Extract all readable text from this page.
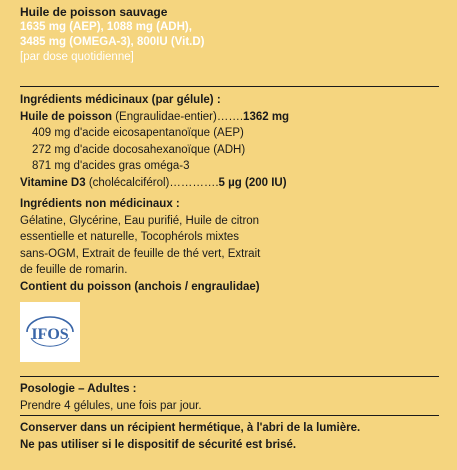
Huile de poisson sauvage
1635 mg (AEP), 1088 mg (ADH),
3485 mg (OMEGA-3), 800IU (Vit.D)
[par dose quotidienne]
Ingrédients médicinaux (par gélule) :
Huile de poisson (Engraulidae-entier)…….1362 mg
409 mg d'acide eicosapentanoïque (AEP)
272 mg d'acide docosahexanoïque (ADH)
871 mg d'acides gras oméga-3
Vitamine D3 (cholécalciférol)………….5 µg (200 IU)
Ingrédients non médicinaux :
Gélatine, Glycérine, Eau purifié, Huile de citron
essentielle et naturelle, Tocophérols mixtes
sans-OGM, Extrait de feuille de thé vert, Extrait
de feuille de romarin.
Contient du poisson (anchois / engraulidae)
IFOS
Posologie – Adultes :
Prendre 4 gélules, une fois par jour.
Conserver dans un récipient hermétique, à l'abri de la lumière.
Ne pas utiliser si le dispositif de sécurité est brisé.
